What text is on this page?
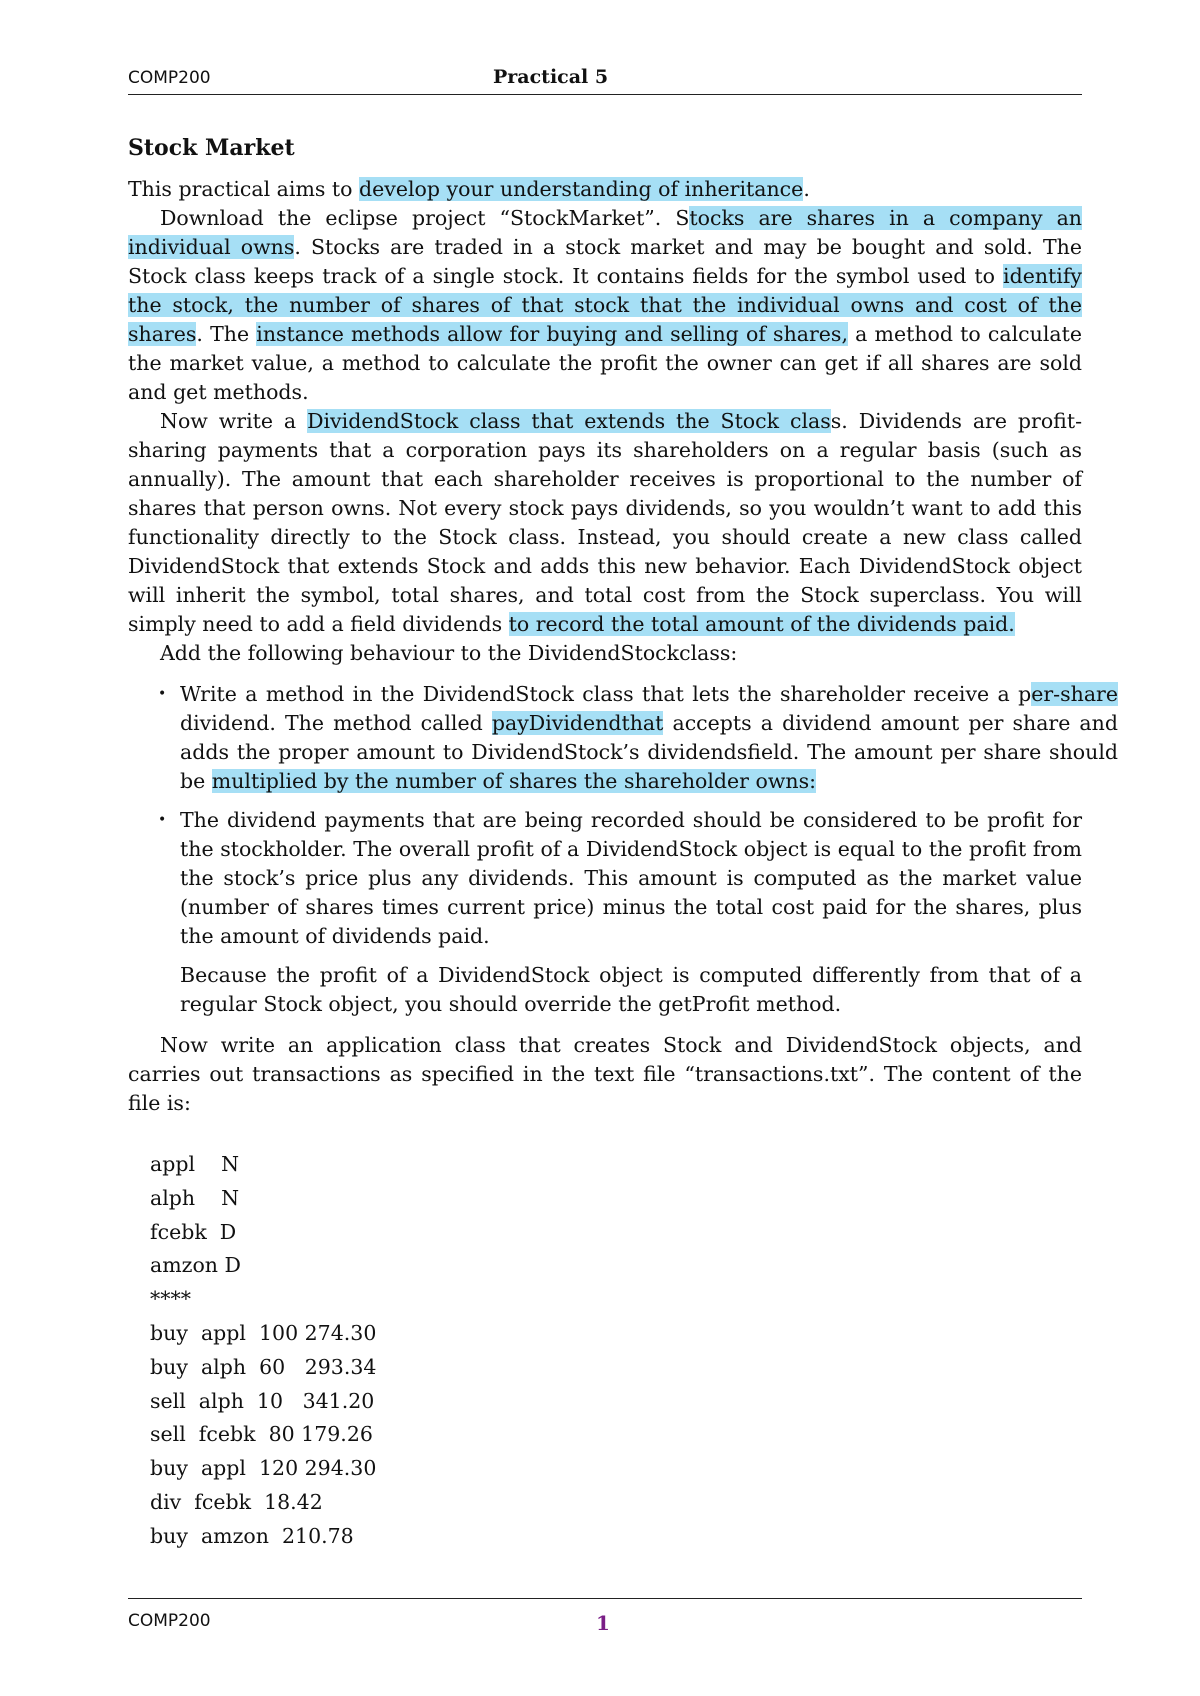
COMP200	Practical 5
Stock Market

This practical aims to develop your understanding of inheritance.

Download the eclipse project “StockMarket”. Stocks are shares in a company an individual owns. Stocks are traded in a stock market and may be bought and sold. The Stock class keeps track of a single stock. It contains fields for the symbol used to identify the stock, the number of shares of that stock that the individual owns and cost of the shares. The instance methods allow for buying and selling of shares, a method to calculate the market value, a method to calculate the profit the owner can get if all shares are sold and get methods.

Now write a DividendStock class that extends the Stock class. Dividends are profit-sharing payments that a corporation pays its shareholders on a regular basis (such as annually). The amount that each shareholder receives is proportional to the number of shares that person owns. Not every stock pays dividends, so you wouldn’t want to add this functionality directly to the Stock class. Instead, you should create a new class called DividendStock that extends Stock and adds this new behavior. Each DividendStock object will inherit the symbol, total shares, and total cost from the Stock superclass. You will simply need to add a field dividends to record the total amount of the dividends paid.

Add the following behaviour to the DividendStockclass:

• Write a method in the DividendStock class that lets the shareholder receive a per-share dividend. The method called payDividendthat accepts a dividend amount per share and adds the proper amount to DividendStock’s dividendsfield. The amount per share should be multiplied by the number of shares the shareholder owns:
• The dividend payments that are being recorded should be considered to be profit for the stockholder. The overall profit of a DividendStock object is equal to the profit from the stock’s price plus any dividends. This amount is computed as the market value (number of shares times current price) minus the total cost paid for the shares, plus the amount of dividends paid.

Because the profit of a DividendStock object is computed differently from that of a regular Stock object, you should override the getProfit method.

Now write an application class that creates Stock and DividendStock objects, and carries out transactions as specified in the text file “transactions.txt”. The content of the file is:

appl    N
alph    N
fcebk  D
amzon D
****
buy  appl  100 274.30
buy  alph  60   293.34
sell  alph  10   341.20
sell  fcebk  80 179.26
buy  appl  120 294.30
div  fcebk  18.42
buy  amzon  210.78
COMP200	1
